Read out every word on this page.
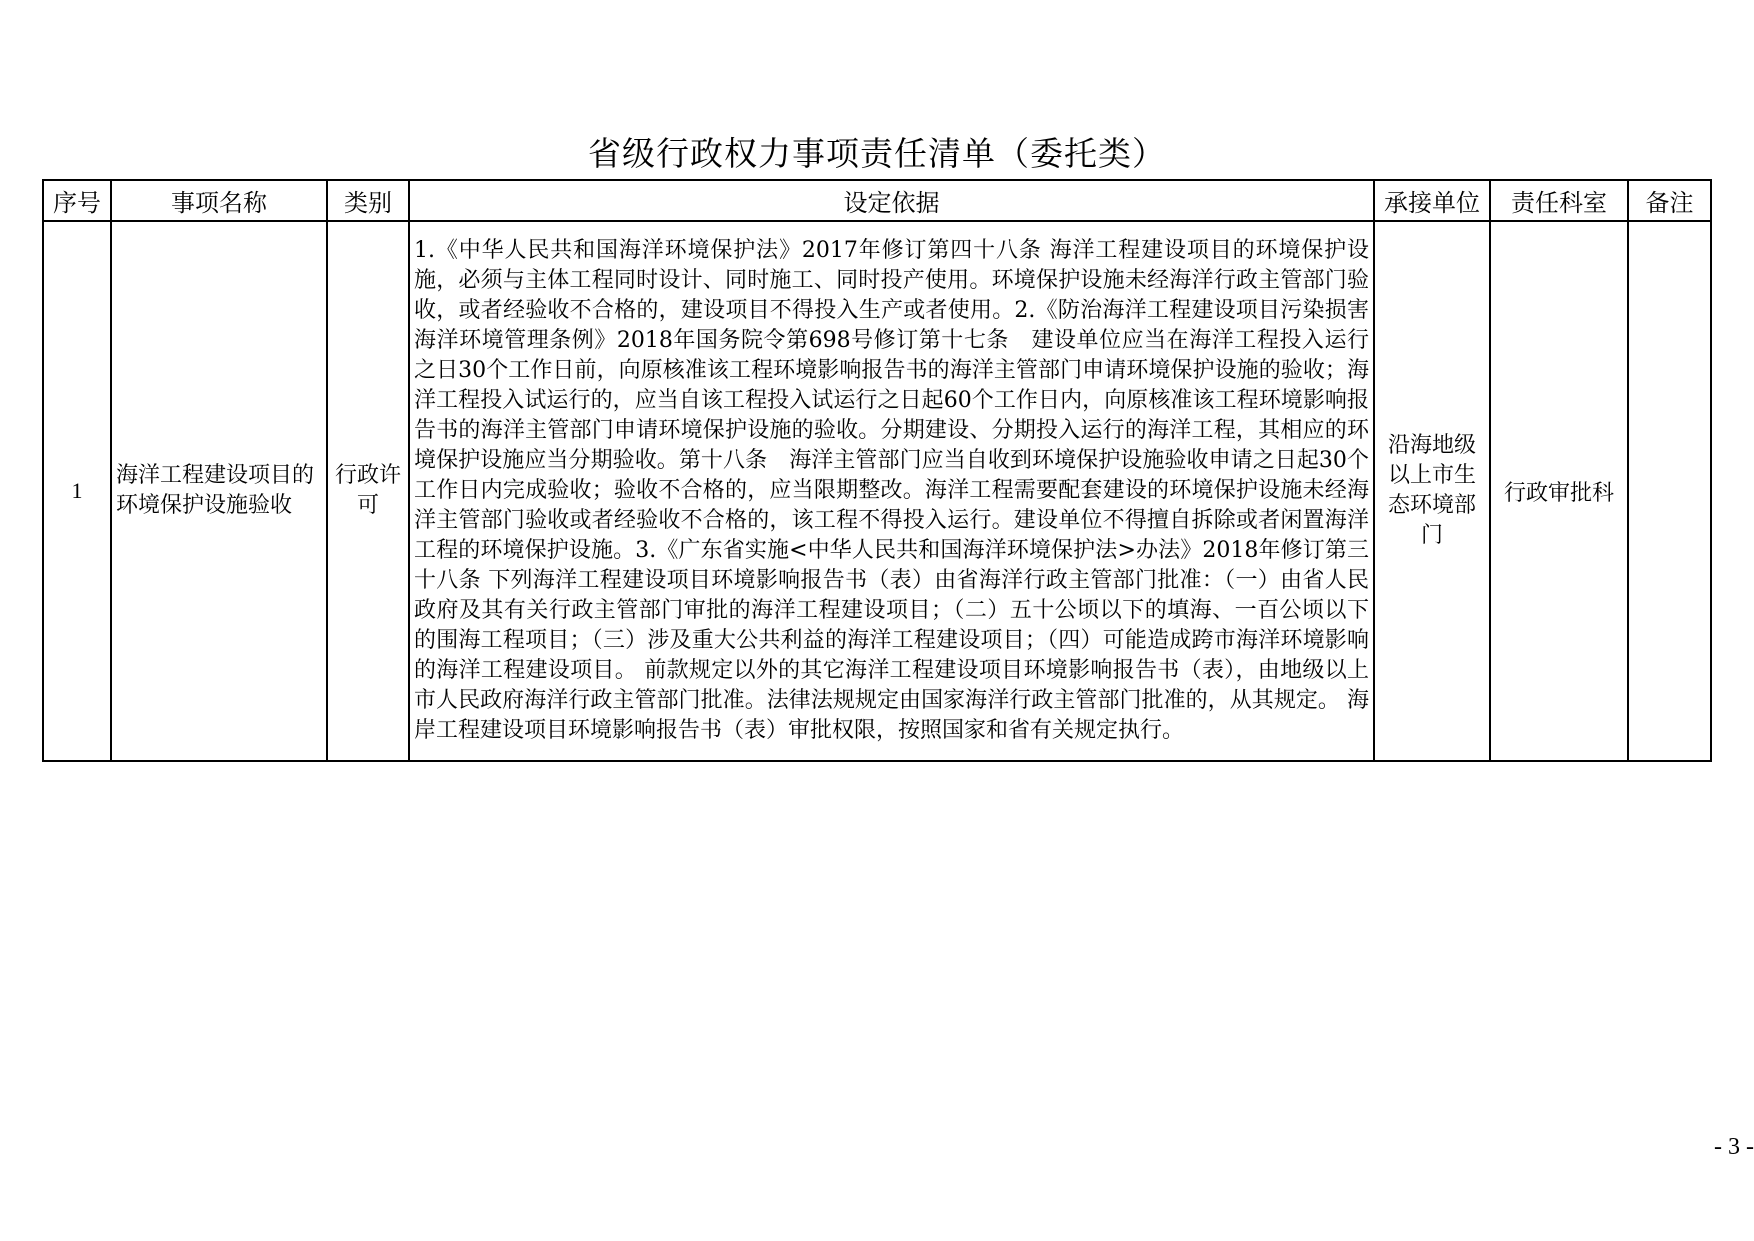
省级行政权力事项责任清单（委托类）
序号	事项名称	类别	设定依据	承接单位	责任科室	备注
1	海洋工程建设项目的环境保护设施验收	行政许可	1.《中华人民共和国海洋环境保护法》2017年修订第四十八条 海洋工程建设项目的环境保护设施，必须与主体工程同时设计、同时施工、同时投产使用。环境保护设施未经海洋行政主管部门验收，或者经验收不合格的，建设项目不得投入生产或者使用。2.《防治海洋工程建设项目污染损害海洋环境管理条例》2018年国务院令第698号修订第十七条　建设单位应当在海洋工程投入运行之日30个工作日前，向原核准该工程环境影响报告书的海洋主管部门申请环境保护设施的验收；海洋工程投入试运行的，应当自该工程投入试运行之日起60个工作日内，向原核准该工程环境影响报告书的海洋主管部门申请环境保护设施的验收。分期建设、分期投入运行的海洋工程，其相应的环境保护设施应当分期验收。第十八条　海洋主管部门应当自收到环境保护设施验收申请之日起30个工作日内完成验收；验收不合格的，应当限期整改。海洋工程需要配套建设的环境保护设施未经海洋主管部门验收或者经验收不合格的，该工程不得投入运行。建设单位不得擅自拆除或者闲置海洋工程的环境保护设施。3.《广东省实施<中华人民共和国海洋环境保护法>办法》2018年修订第三十八条 下列海洋工程建设项目环境影响报告书（表）由省海洋行政主管部门批准：（一）由省人民政府及其有关行政主管部门审批的海洋工程建设项目；（二）五十公顷以下的填海、一百公顷以下的围海工程项目；（三）涉及重大公共利益的海洋工程建设项目；（四）可能造成跨市海洋环境影响的海洋工程建设项目。 前款规定以外的其它海洋工程建设项目环境影响报告书（表），由地级以上市人民政府海洋行政主管部门批准。法律法规规定由国家海洋行政主管部门批准的，从其规定。 海岸工程建设项目环境影响报告书（表）审批权限，按照国家和省有关规定执行。	沿海地级以上市生态环境部门	行政审批科	
- 3 -
